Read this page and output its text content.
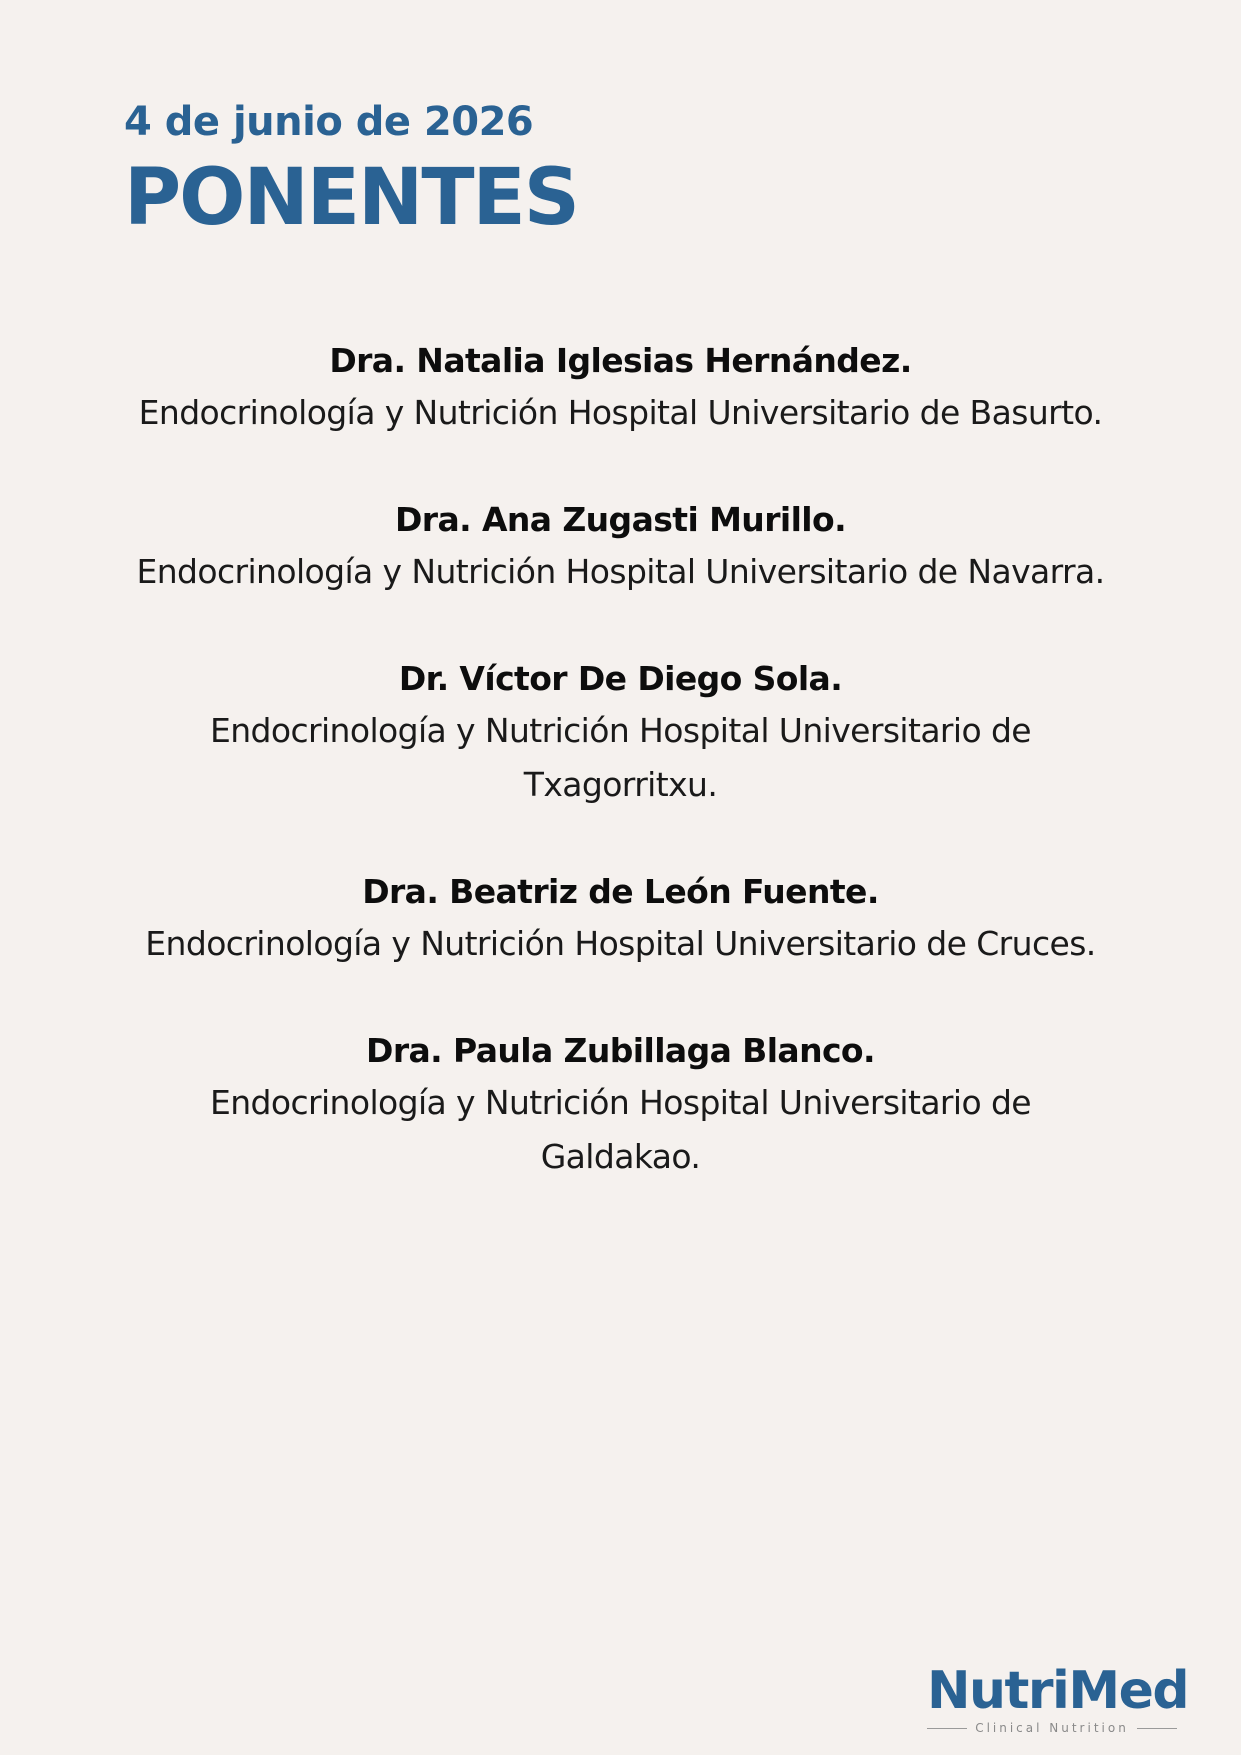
4 de junio de 2026
PONENTES
Dra. Natalia Iglesias Hernández.
Endocrinología y Nutrición Hospital Universitario de Basurto.
Dra. Ana Zugasti Murillo.
Endocrinología y Nutrición Hospital Universitario de Navarra.
Dr. Víctor De Diego Sola.
Endocrinología y Nutrición Hospital Universitario de Txagorritxu.
Dra. Beatriz de León Fuente.
Endocrinología y Nutrición Hospital Universitario de Cruces.
Dra. Paula Zubillaga Blanco.
Endocrinología y Nutrición Hospital Universitario de Galdakao.
NutriMed
Clinical Nutrition
